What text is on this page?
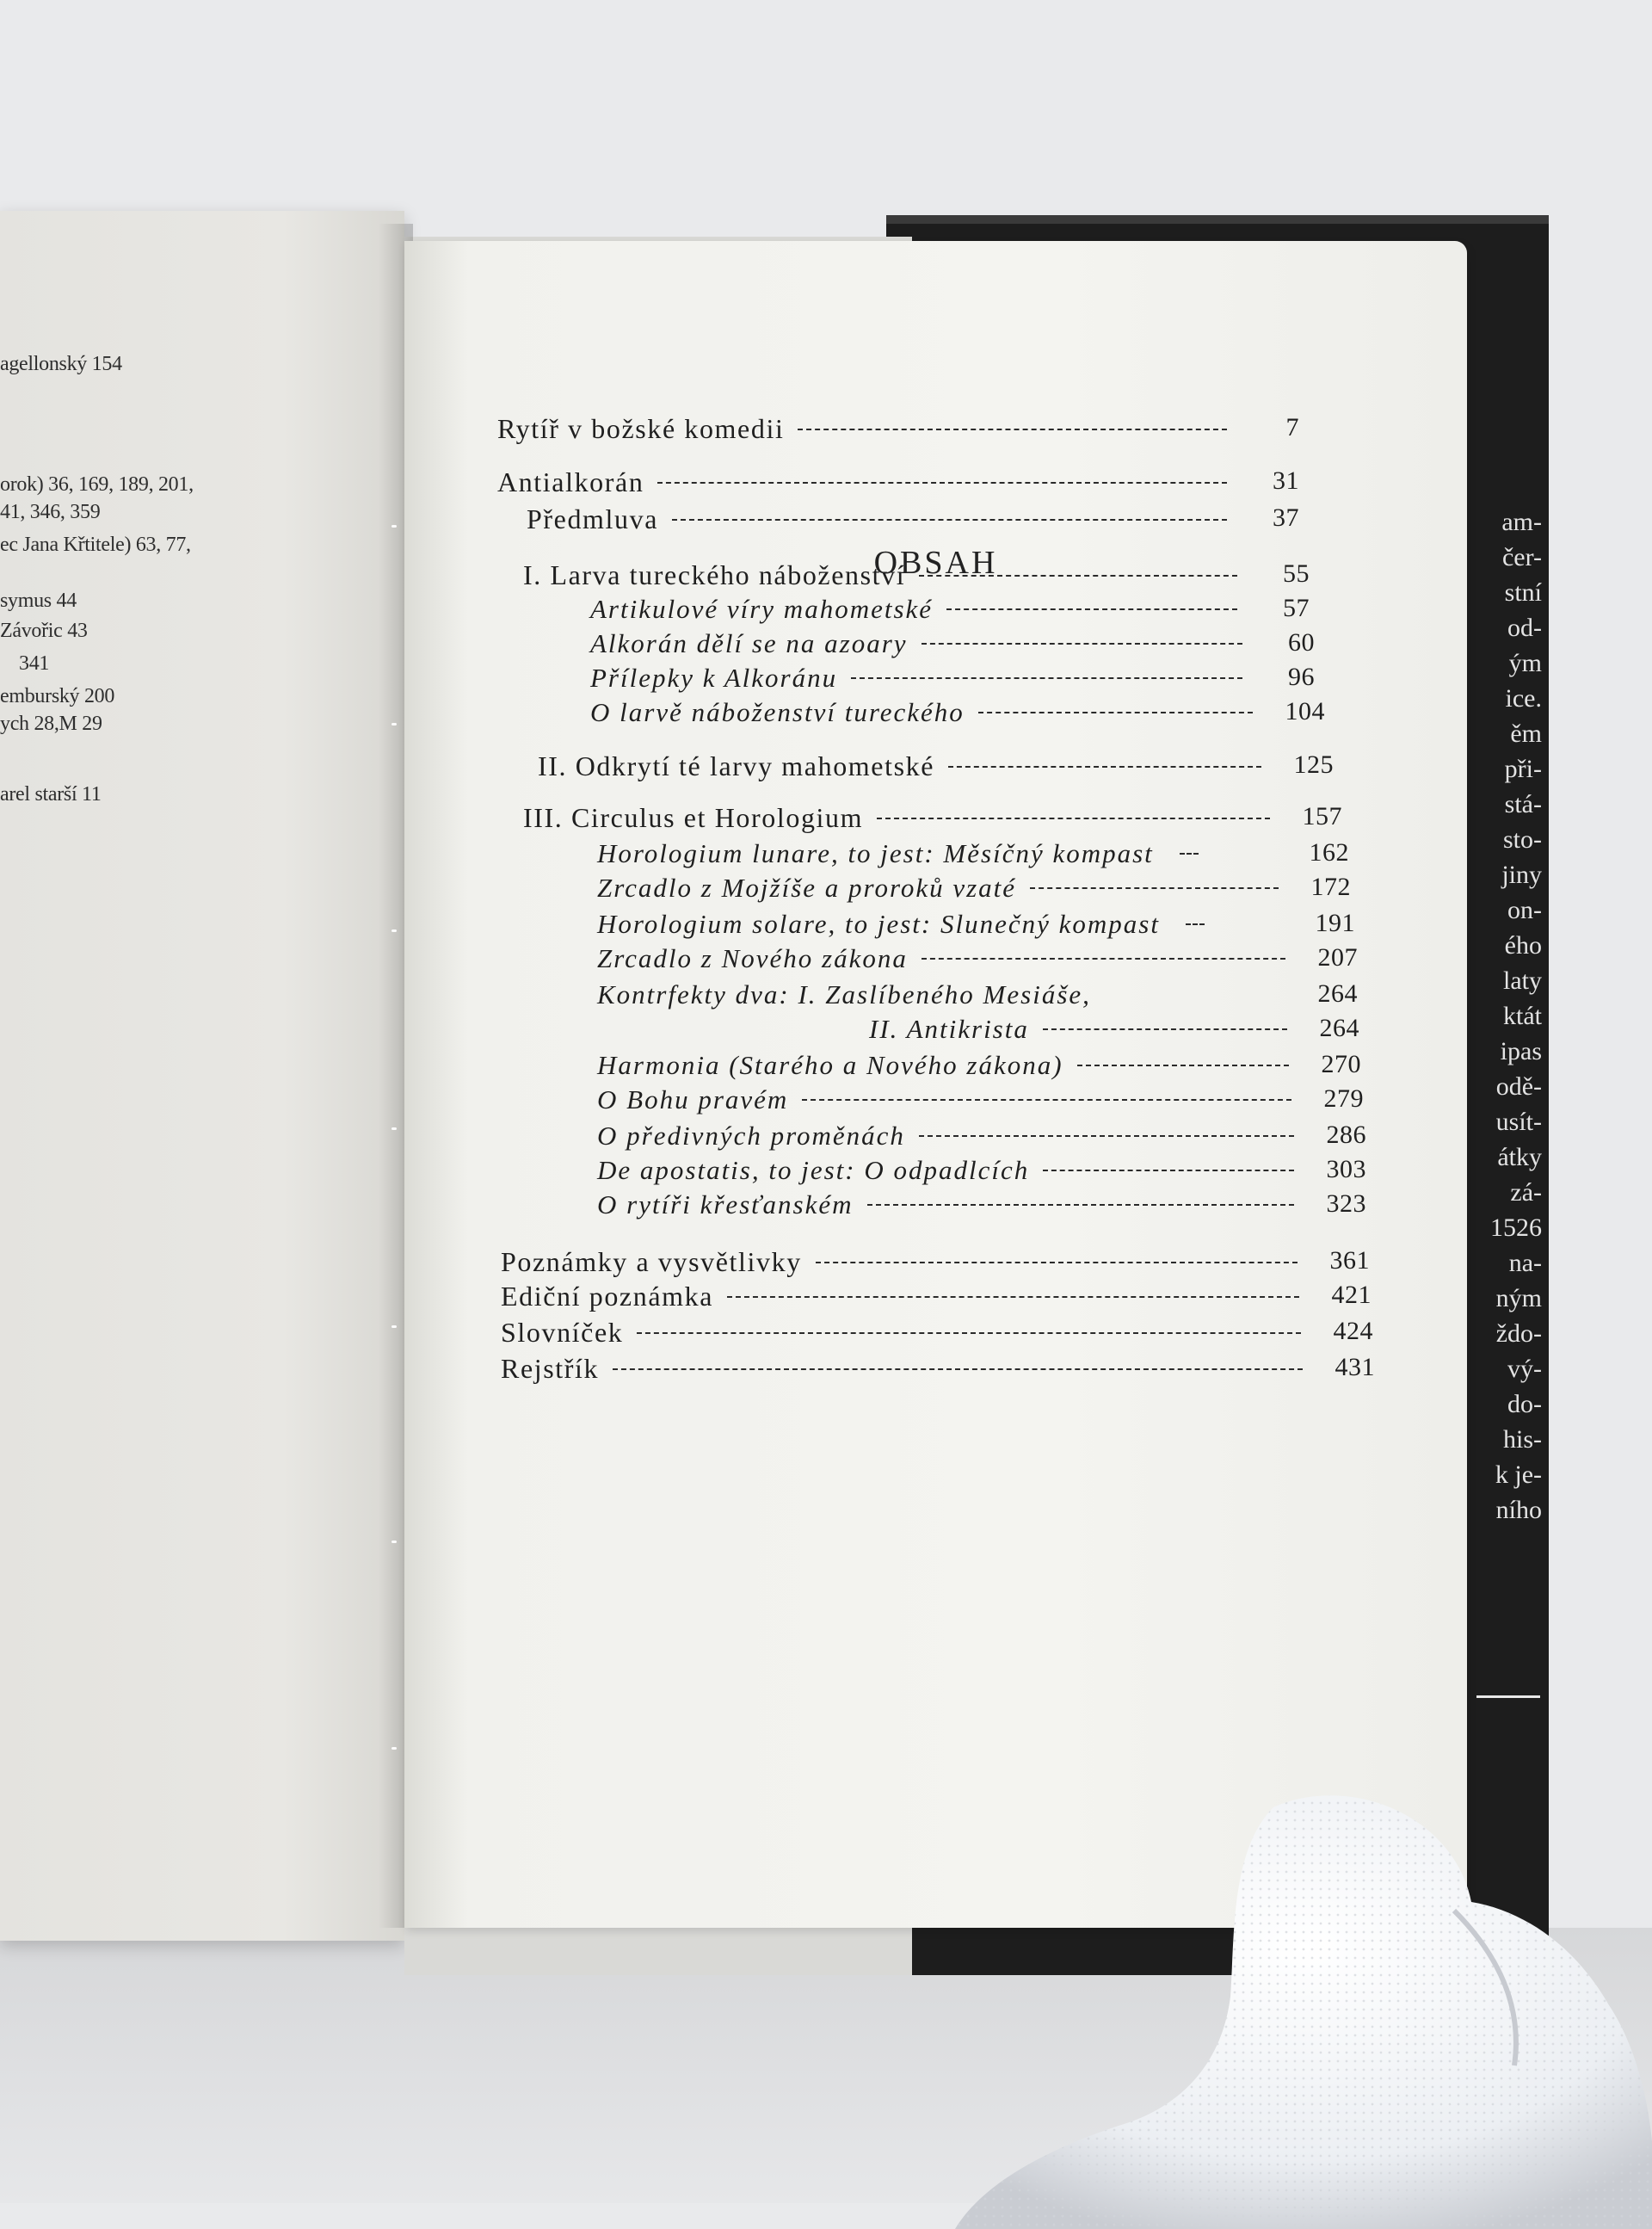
am-
čer-
stní
od-
ým
ice.
ěm
při-
stá-
sto-
jiny
on-
ého
laty
ktát
ipas
odě-
usít-
átky
zá-
1526
na-
ným
ždo-
vý-
do-
his-
k je-
ního
agellonský 154
orok) 36, 169, 189, 201,
41, 346, 359
ec Jana Křtitele) 63, 77,
symus 44
Závořic 43
341
emburský 200
ych 28,M 29
arel starší 11
OBSAH
Rytíř v božské komedii	7
Antialkorán	31
Předmluva	37
I. Larva tureckého náboženství	55
Artikulové víry mahometské	57
Alkorán dělí se na azoary	60
Přílepky k Alkoránu	96
O larvě náboženství tureckého	104
II. Odkrytí té larvy mahometské	125
III. Circulus et Horologium	157
Horologium lunare, to jest: Měsíčný kompast	162
Zrcadlo z Mojžíše a proroků vzaté	172
Horologium solare, to jest: Slunečný kompast	191
Zrcadlo z Nového zákona	207
Kontrfekty dva: I. Zaslíbeného Mesiáše,	264
II. Antikrista	264
Harmonia (Starého a Nového zákona)	270
O Bohu pravém	279
O předivných proměnách	286
De apostatis, to jest: O odpadlcích	303
O rytíři křesťanském	323
Poznámky a vysvětlivky	361
Ediční poznámka	421
Slovníček	424
Rejstřík	431
